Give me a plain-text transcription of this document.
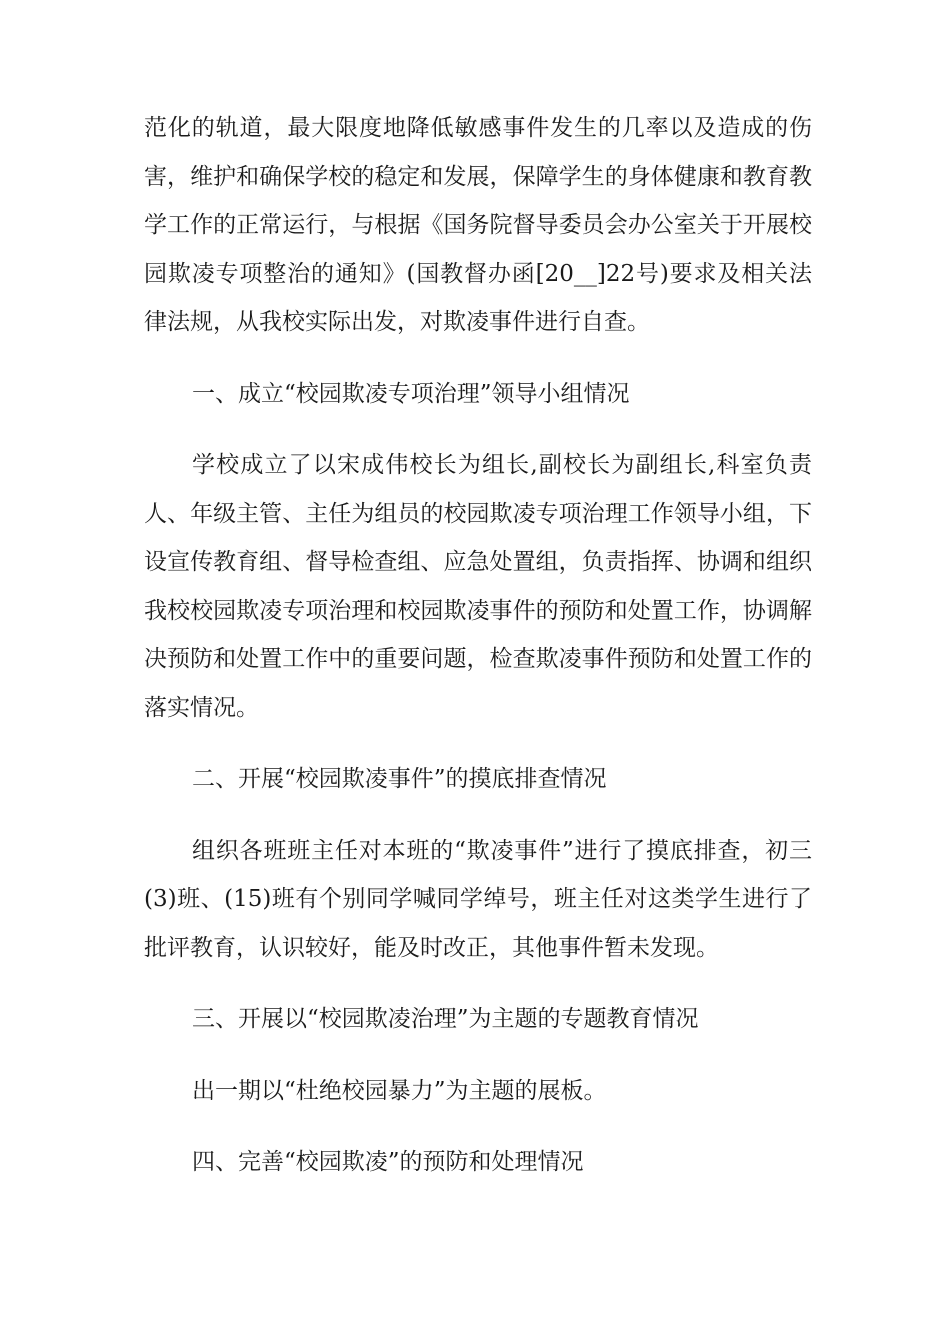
范化的轨道，最大限度地降低敏感事件发生的几率以及造成的伤害，维护和确保学校的稳定和发展，保障学生的身体健康和教育教学工作的正常运行，与根据《国务院督导委员会办公室关于开展校园欺凌专项整治的通知》(国教督办函[20__]22号)要求及相关法律法规，从我校实际出发，对欺凌事件进行自查。

一、成立“校园欺凌专项治理”领导小组情况

学校成立了以宋成伟校长为组长,副校长为副组长,科室负责人、年级主管、主任为组员的校园欺凌专项治理工作领导小组，下设宣传教育组、督导检查组、应急处置组，负责指挥、协调和组织我校校园欺凌专项治理和校园欺凌事件的预防和处置工作，协调解决预防和处置工作中的重要问题，检查欺凌事件预防和处置工作的落实情况。

二、开展“校园欺凌事件”的摸底排查情况

组织各班班主任对本班的“欺凌事件”进行了摸底排查，初三(3)班、(15)班有个别同学喊同学绰号，班主任对这类学生进行了批评教育，认识较好，能及时改正，其他事件暂未发现。

三、开展以“校园欺凌治理”为主题的专题教育情况

出一期以“杜绝校园暴力”为主题的展板。

四、完善“校园欺凌”的预防和处理情况
